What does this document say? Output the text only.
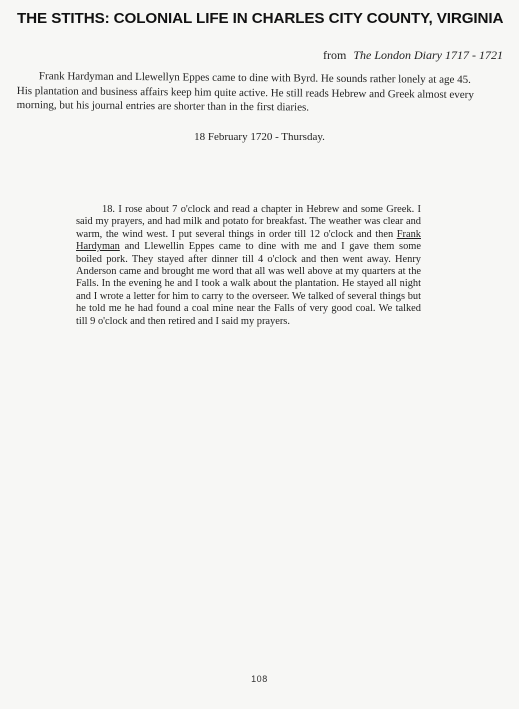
THE STITHS: COLONIAL LIFE IN CHARLES CITY COUNTY, VIRGINIA
from The London Diary 1717 - 1721

Frank Hardyman and Llewellyn Eppes came to dine with Byrd. He sounds rather lonely at age 45. His plantation and business affairs keep him quite active. He still reads Hebrew and Greek almost every morning, but his journal entries are shorter than in the first diaries.

18 February 1720 - Thursday.

18. I rose about 7 o'clock and read a chapter in Hebrew and some Greek. I said my prayers, and had milk and potato for breakfast. The weather was clear and warm, the wind west. I put several things in order till 12 o'clock and then Frank Hardyman and Llewellin Eppes came to dine with me and I gave them some boiled pork. They stayed after dinner till 4 o'clock and then went away. Henry Anderson came and brought me word that all was well above at my quarters at the Falls. In the evening he and I took a walk about the plantation. He stayed all night and I wrote a letter for him to carry to the overseer. We talked of several things but he told me he had found a coal mine near the Falls of very good coal. We talked till 9 o'clock and then retired and I said my prayers.

108
